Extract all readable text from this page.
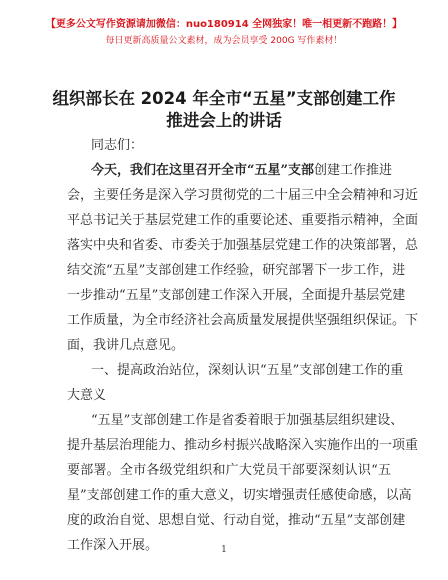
【更多公文写作资源请加微信：nuo180914 全网独家！唯一相更新不跑路！】
每日更新高质量公文素材，成为会员享受 200G 写作素材！
组织部长在 2024 年全市“五星”支部创建工作
推进会上的讲话
同志们：
今天，我们在这里召开全市“五星”支部创建工作推进
会，主要任务是深入学习贯彻党的二十届三中全会精神和习近
平总书记关于基层党建工作的重要论述、重要指示精神，全面
落实中央和省委、市委关于加强基层党建工作的决策部署，总
结交流“五星”支部创建工作经验，研究部署下一步工作，进
一步推动“五星”支部创建工作深入开展，全面提升基层党建
工作质量，为全市经济社会高质量发展提供坚强组织保证。下
面，我讲几点意见。
一、提高政治站位，深刻认识“五星”支部创建工作的重
大意义
“五星”支部创建工作是省委着眼于加强基层组织建设、
提升基层治理能力、推动乡村振兴战略深入实施作出的一项重
要部署。全市各级党组织和广大党员干部要深刻认识“五
星”支部创建工作的重大意义，切实增强责任感使命感，以高
度的政治自觉、思想自觉、行动自觉，推动“五星”支部创建
工作深入开展。	1
